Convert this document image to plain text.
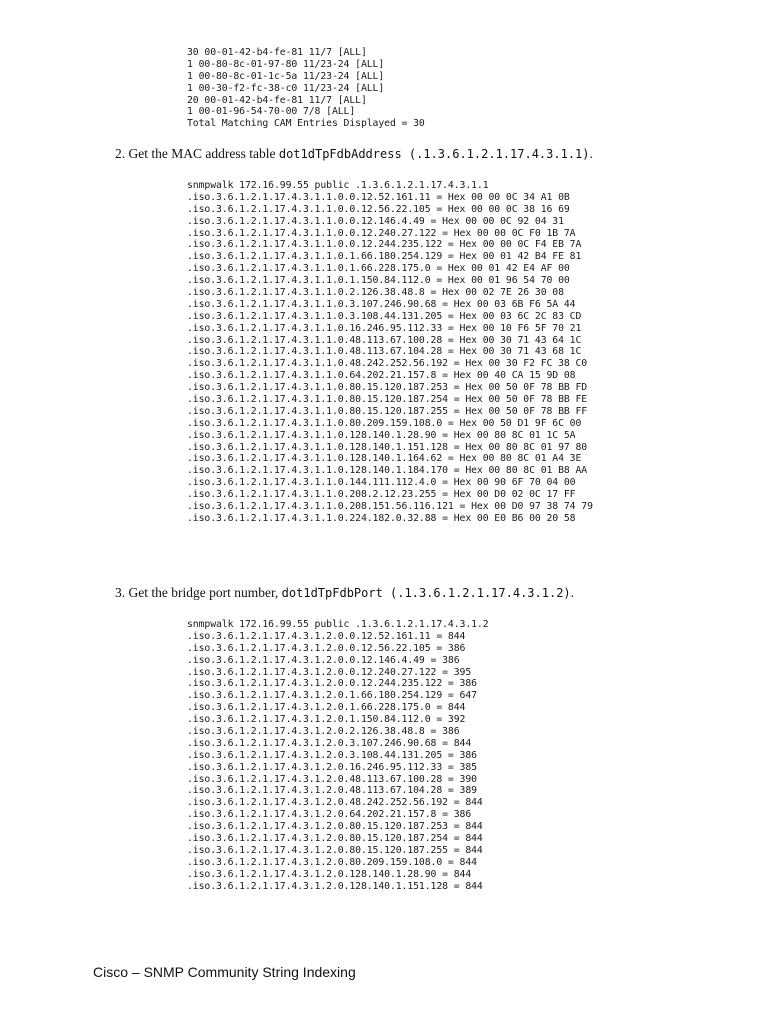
30 00-01-42-b4-fe-81 11/7 [ALL]
1 00-80-8c-01-97-80 11/23-24 [ALL]
1 00-80-8c-01-1c-5a 11/23-24 [ALL]
1 00-30-f2-fc-38-c0 11/23-24 [ALL]
20 00-01-42-b4-fe-81 11/7 [ALL]
1 00-01-96-54-70-00 7/8 [ALL]
Total Matching CAM Entries Displayed = 30
2. Get the MAC address table dot1dTpFdbAddress (.1.3.6.1.2.1.17.4.3.1.1).
snmpwalk 172.16.99.55 public .1.3.6.1.2.1.17.4.3.1.1
.iso.3.6.1.2.1.17.4.3.1.1.0.0.12.52.161.11 = Hex 00 00 0C 34 A1 0B
.iso.3.6.1.2.1.17.4.3.1.1.0.0.12.56.22.105 = Hex 00 00 0C 38 16 69
.iso.3.6.1.2.1.17.4.3.1.1.0.0.12.146.4.49 = Hex 00 00 0C 92 04 31
.iso.3.6.1.2.1.17.4.3.1.1.0.0.12.240.27.122 = Hex 00 00 0C F0 1B 7A
.iso.3.6.1.2.1.17.4.3.1.1.0.0.12.244.235.122 = Hex 00 00 0C F4 EB 7A
.iso.3.6.1.2.1.17.4.3.1.1.0.1.66.180.254.129 = Hex 00 01 42 B4 FE 81
.iso.3.6.1.2.1.17.4.3.1.1.0.1.66.228.175.0 = Hex 00 01 42 E4 AF 00
.iso.3.6.1.2.1.17.4.3.1.1.0.1.150.84.112.0 = Hex 00 01 96 54 70 00
.iso.3.6.1.2.1.17.4.3.1.1.0.2.126.38.48.8 = Hex 00 02 7E 26 30 08
.iso.3.6.1.2.1.17.4.3.1.1.0.3.107.246.90.68 = Hex 00 03 6B F6 5A 44
.iso.3.6.1.2.1.17.4.3.1.1.0.3.108.44.131.205 = Hex 00 03 6C 2C 83 CD
.iso.3.6.1.2.1.17.4.3.1.1.0.16.246.95.112.33 = Hex 00 10 F6 5F 70 21
.iso.3.6.1.2.1.17.4.3.1.1.0.48.113.67.100.28 = Hex 00 30 71 43 64 1C
.iso.3.6.1.2.1.17.4.3.1.1.0.48.113.67.104.28 = Hex 00 30 71 43 68 1C
.iso.3.6.1.2.1.17.4.3.1.1.0.48.242.252.56.192 = Hex 00 30 F2 FC 38 C0
.iso.3.6.1.2.1.17.4.3.1.1.0.64.202.21.157.8 = Hex 00 40 CA 15 9D 08
.iso.3.6.1.2.1.17.4.3.1.1.0.80.15.120.187.253 = Hex 00 50 0F 78 BB FD
.iso.3.6.1.2.1.17.4.3.1.1.0.80.15.120.187.254 = Hex 00 50 0F 78 BB FE
.iso.3.6.1.2.1.17.4.3.1.1.0.80.15.120.187.255 = Hex 00 50 0F 78 BB FF
.iso.3.6.1.2.1.17.4.3.1.1.0.80.209.159.108.0 = Hex 00 50 D1 9F 6C 00
.iso.3.6.1.2.1.17.4.3.1.1.0.128.140.1.28.90 = Hex 00 80 8C 01 1C 5A
.iso.3.6.1.2.1.17.4.3.1.1.0.128.140.1.151.128 = Hex 00 80 8C 01 97 80
.iso.3.6.1.2.1.17.4.3.1.1.0.128.140.1.164.62 = Hex 00 80 8C 01 A4 3E
.iso.3.6.1.2.1.17.4.3.1.1.0.128.140.1.184.170 = Hex 00 80 8C 01 B8 AA
.iso.3.6.1.2.1.17.4.3.1.1.0.144.111.112.4.0 = Hex 00 90 6F 70 04 00
.iso.3.6.1.2.1.17.4.3.1.1.0.208.2.12.23.255 = Hex 00 D0 02 0C 17 FF
.iso.3.6.1.2.1.17.4.3.1.1.0.208.151.56.116.121 = Hex 00 D0 97 38 74 79
.iso.3.6.1.2.1.17.4.3.1.1.0.224.182.0.32.88 = Hex 00 E0 B6 00 20 58
3. Get the bridge port number, dot1dTpFdbPort (.1.3.6.1.2.1.17.4.3.1.2).
snmpwalk 172.16.99.55 public .1.3.6.1.2.1.17.4.3.1.2
.iso.3.6.1.2.1.17.4.3.1.2.0.0.12.52.161.11 = 844
.iso.3.6.1.2.1.17.4.3.1.2.0.0.12.56.22.105 = 386
.iso.3.6.1.2.1.17.4.3.1.2.0.0.12.146.4.49 = 386
.iso.3.6.1.2.1.17.4.3.1.2.0.0.12.240.27.122 = 395
.iso.3.6.1.2.1.17.4.3.1.2.0.0.12.244.235.122 = 386
.iso.3.6.1.2.1.17.4.3.1.2.0.1.66.180.254.129 = 647
.iso.3.6.1.2.1.17.4.3.1.2.0.1.66.228.175.0 = 844
.iso.3.6.1.2.1.17.4.3.1.2.0.1.150.84.112.0 = 392
.iso.3.6.1.2.1.17.4.3.1.2.0.2.126.38.48.8 = 386
.iso.3.6.1.2.1.17.4.3.1.2.0.3.107.246.90.68 = 844
.iso.3.6.1.2.1.17.4.3.1.2.0.3.108.44.131.205 = 386
.iso.3.6.1.2.1.17.4.3.1.2.0.16.246.95.112.33 = 385
.iso.3.6.1.2.1.17.4.3.1.2.0.48.113.67.100.28 = 390
.iso.3.6.1.2.1.17.4.3.1.2.0.48.113.67.104.28 = 389
.iso.3.6.1.2.1.17.4.3.1.2.0.48.242.252.56.192 = 844
.iso.3.6.1.2.1.17.4.3.1.2.0.64.202.21.157.8 = 386
.iso.3.6.1.2.1.17.4.3.1.2.0.80.15.120.187.253 = 844
.iso.3.6.1.2.1.17.4.3.1.2.0.80.15.120.187.254 = 844
.iso.3.6.1.2.1.17.4.3.1.2.0.80.15.120.187.255 = 844
.iso.3.6.1.2.1.17.4.3.1.2.0.80.209.159.108.0 = 844
.iso.3.6.1.2.1.17.4.3.1.2.0.128.140.1.28.90 = 844
.iso.3.6.1.2.1.17.4.3.1.2.0.128.140.1.151.128 = 844
Cisco – SNMP Community String Indexing
